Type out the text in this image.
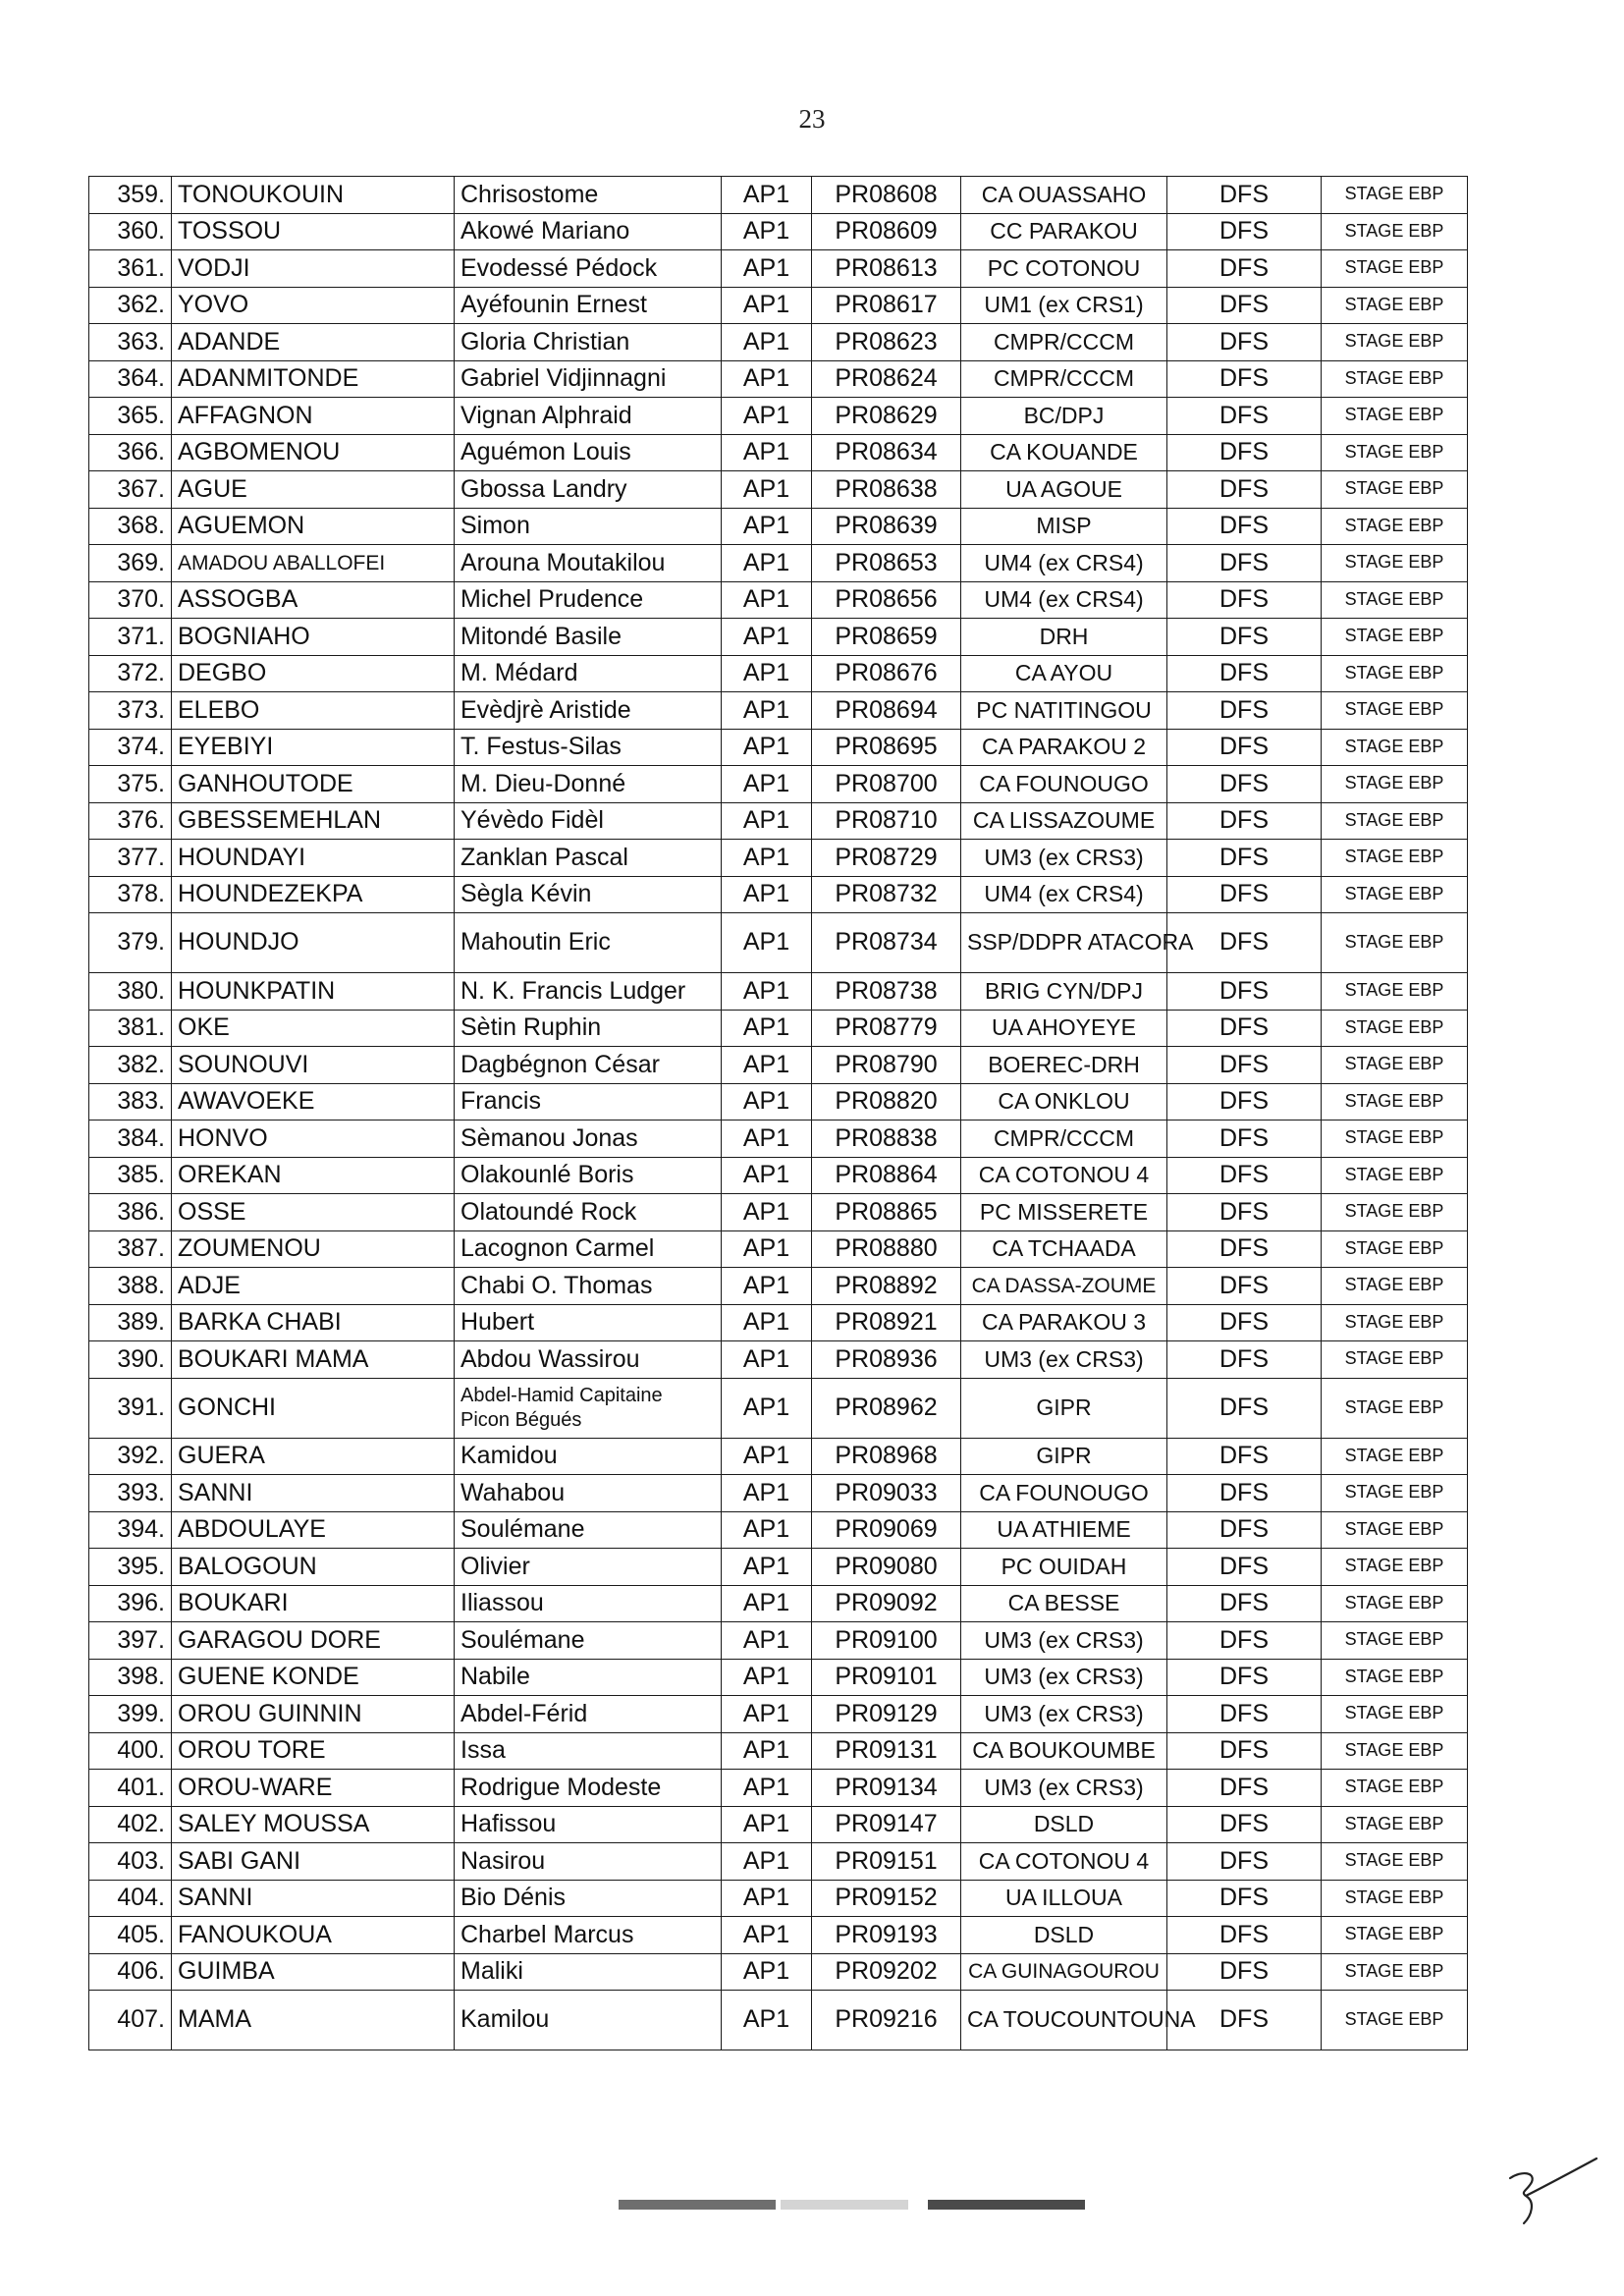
23
359.	TONOUKOUIN	Chrisostome	AP1	PR08608	CA OUASSAHO	DFS	STAGE EBP
360.	TOSSOU	Akowé Mariano	AP1	PR08609	CC PARAKOU	DFS	STAGE EBP
361.	VODJI	Evodessé Pédock	AP1	PR08613	PC COTONOU	DFS	STAGE EBP
362.	YOVO	Ayéfounin Ernest	AP1	PR08617	UM1 (ex CRS1)	DFS	STAGE EBP
363.	ADANDE	Gloria Christian	AP1	PR08623	CMPR/CCCM	DFS	STAGE EBP
364.	ADANMITONDE	Gabriel Vidjinnagni	AP1	PR08624	CMPR/CCCM	DFS	STAGE EBP
365.	AFFAGNON	Vignan Alphraid	AP1	PR08629	BC/DPJ	DFS	STAGE EBP
366.	AGBOMENOU	Aguémon Louis	AP1	PR08634	CA KOUANDE	DFS	STAGE EBP
367.	AGUE	Gbossa Landry	AP1	PR08638	UA AGOUE	DFS	STAGE EBP
368.	AGUEMON	Simon	AP1	PR08639	MISP	DFS	STAGE EBP
369.	AMADOU ABALLOFEI	Arouna Moutakilou	AP1	PR08653	UM4 (ex CRS4)	DFS	STAGE EBP
370.	ASSOGBA	Michel Prudence	AP1	PR08656	UM4 (ex CRS4)	DFS	STAGE EBP
371.	BOGNIAHO	Mitondé Basile	AP1	PR08659	DRH	DFS	STAGE EBP
372.	DEGBO	M. Médard	AP1	PR08676	CA AYOU	DFS	STAGE EBP
373.	ELEBO	Evèdjrè Aristide	AP1	PR08694	PC NATITINGOU	DFS	STAGE EBP
374.	EYEBIYI	T. Festus-Silas	AP1	PR08695	CA PARAKOU 2	DFS	STAGE EBP
375.	GANHOUTODE	M. Dieu-Donné	AP1	PR08700	CA FOUNOUGO	DFS	STAGE EBP
376.	GBESSEMEHLAN	Yévèdo Fidèl	AP1	PR08710	CA LISSAZOUME	DFS	STAGE EBP
377.	HOUNDAYI	Zanklan Pascal	AP1	PR08729	UM3 (ex CRS3)	DFS	STAGE EBP
378.	HOUNDEZEKPA	Sègla Kévin	AP1	PR08732	UM4 (ex CRS4)	DFS	STAGE EBP
379.	HOUNDJO	Mahoutin Eric	AP1	PR08734	SSP/DDPR ATACORA	DFS	STAGE EBP
380.	HOUNKPATIN	N. K. Francis Ludger	AP1	PR08738	BRIG CYN/DPJ	DFS	STAGE EBP
381.	OKE	Sètin Ruphin	AP1	PR08779	UA AHOYEYE	DFS	STAGE EBP
382.	SOUNOUVI	Dagbégnon César	AP1	PR08790	BOEREC-DRH	DFS	STAGE EBP
383.	AWAVOEKE	Francis	AP1	PR08820	CA ONKLOU	DFS	STAGE EBP
384.	HONVO	Sèmanou Jonas	AP1	PR08838	CMPR/CCCM	DFS	STAGE EBP
385.	OREKAN	Olakounlé Boris	AP1	PR08864	CA COTONOU 4	DFS	STAGE EBP
386.	OSSE	Olatoundé Rock	AP1	PR08865	PC MISSERETE	DFS	STAGE EBP
387.	ZOUMENOU	Lacognon Carmel	AP1	PR08880	CA TCHAADA	DFS	STAGE EBP
388.	ADJE	Chabi O. Thomas	AP1	PR08892	CA DASSA-ZOUME	DFS	STAGE EBP
389.	BARKA CHABI	Hubert	AP1	PR08921	CA PARAKOU 3	DFS	STAGE EBP
390.	BOUKARI MAMA	Abdou Wassirou	AP1	PR08936	UM3 (ex CRS3)	DFS	STAGE EBP
391.	GONCHI	Abdel-Hamid Capitaine Picon Bégués	AP1	PR08962	GIPR	DFS	STAGE EBP
392.	GUERA	Kamidou	AP1	PR08968	GIPR	DFS	STAGE EBP
393.	SANNI	Wahabou	AP1	PR09033	CA FOUNOUGO	DFS	STAGE EBP
394.	ABDOULAYE	Soulémane	AP1	PR09069	UA ATHIEME	DFS	STAGE EBP
395.	BALOGOUN	Olivier	AP1	PR09080	PC OUIDAH	DFS	STAGE EBP
396.	BOUKARI	Iliassou	AP1	PR09092	CA BESSE	DFS	STAGE EBP
397.	GARAGOU DORE	Soulémane	AP1	PR09100	UM3 (ex CRS3)	DFS	STAGE EBP
398.	GUENE KONDE	Nabile	AP1	PR09101	UM3 (ex CRS3)	DFS	STAGE EBP
399.	OROU GUINNIN	Abdel-Férid	AP1	PR09129	UM3 (ex CRS3)	DFS	STAGE EBP
400.	OROU TORE	Issa	AP1	PR09131	CA BOUKOUMBE	DFS	STAGE EBP
401.	OROU-WARE	Rodrigue Modeste	AP1	PR09134	UM3 (ex CRS3)	DFS	STAGE EBP
402.	SALEY MOUSSA	Hafissou	AP1	PR09147	DSLD	DFS	STAGE EBP
403.	SABI GANI	Nasirou	AP1	PR09151	CA COTONOU 4	DFS	STAGE EBP
404.	SANNI	Bio Dénis	AP1	PR09152	UA ILLOUA	DFS	STAGE EBP
405.	FANOUKOUA	Charbel Marcus	AP1	PR09193	DSLD	DFS	STAGE EBP
406.	GUIMBA	Maliki	AP1	PR09202	CA GUINAGOUROU	DFS	STAGE EBP
407.	MAMA	Kamilou	AP1	PR09216	CA TOUCOUNTOUNA	DFS	STAGE EBP
